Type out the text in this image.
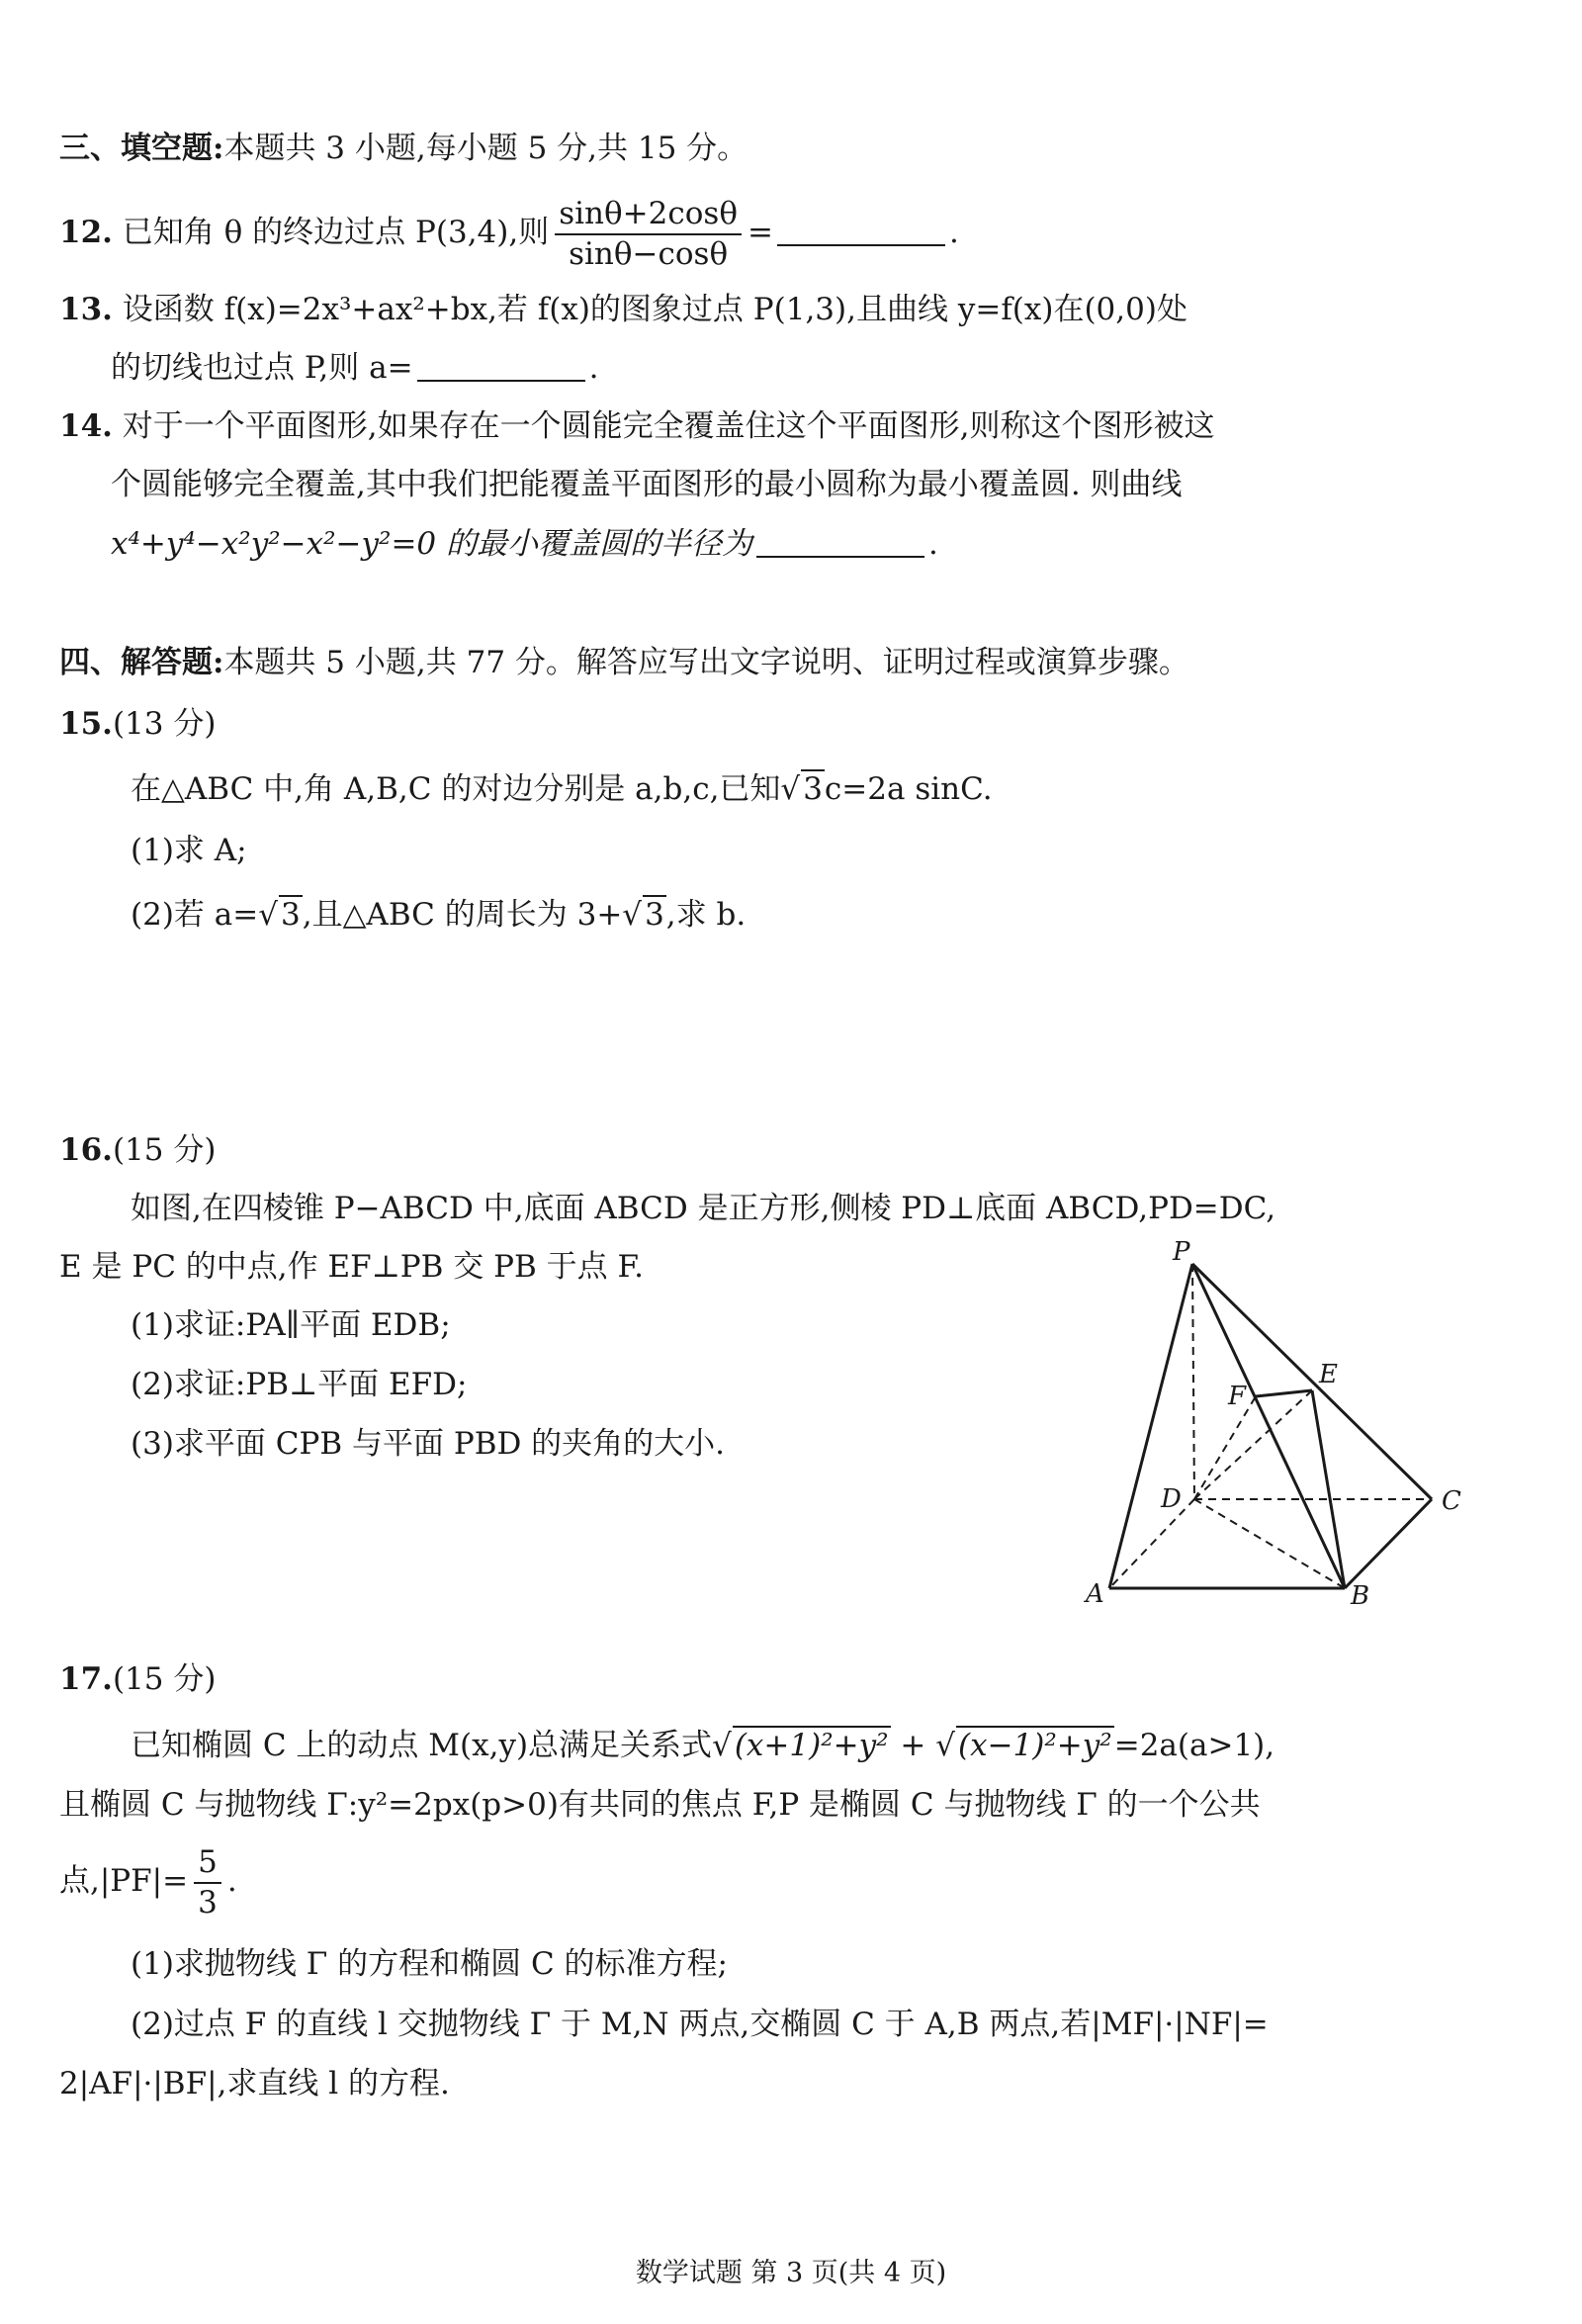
三、填空题:本题共 3 小题,每小题 5 分,共 15 分。
12. 已知角 θ 的终边过点 P(3,4),则 $\frac{\sin\theta+2\cos\theta}{\sin\theta-\cos\theta}$ =	.
13. 设函数 f(x)=2x³+ax²+bx,若 f(x)的图象过点 P(1,3),且曲线 y=f(x)在(0,0)处
的切线也过点 P,则 a=	.
14. 对于一个平面图形,如果存在一个圆能完全覆盖住这个平面图形,则称这个图形被这
个圆能够完全覆盖,其中我们把能覆盖平面图形的最小圆称为最小覆盖圆. 则曲线
x⁴+y⁴−x²y²−x²−y²=0 的最小覆盖圆的半径为	.
四、解答题:本题共 5 小题,共 77 分。解答应写出文字说明、证明过程或演算步骤。
15.(13 分)
在△ABC 中,角 A,B,C 的对边分别是 a,b,c,已知√3c=2a sinC.
(1)求 A;
(2)若 a=√3,且△ABC 的周长为 3+√3,求 b.
16.(15 分)
如图,在四棱锥 P−ABCD 中,底面 ABCD 是正方形,侧棱 PD⊥底面 ABCD,PD=DC,
E 是 PC 的中点,作 EF⊥PB 交 PB 于点 F.
(1)求证:PA∥平面 EDB;
(2)求证:PB⊥平面 EFD;
(3)求平面 CPB 与平面 PBD 的夹角的大小.
P
E
F
D	C
A	B
17.(15 分)
已知椭圆 C 上的动点 M(x,y)总满足关系式√(x+1)²+y² + √(x−1)²+y²=2a(a>1),
且椭圆 C 与抛物线 Γ:y²=2px(p>0)有共同的焦点 F,P 是椭圆 C 与抛物线 Γ 的一个公共
点$,|PF|= \frac{5}{3}$ .
(1)求抛物线 Γ 的方程和椭圆 C 的标准方程;
(2)过点 F 的直线 l 交抛物线 Γ 于 M,N 两点,交椭圆 C 于 A,B 两点,若|MF|·|NF|=
2|AF|·|BF|,求直线 l 的方程.
数学试题 第 3 页(共 4 页)
